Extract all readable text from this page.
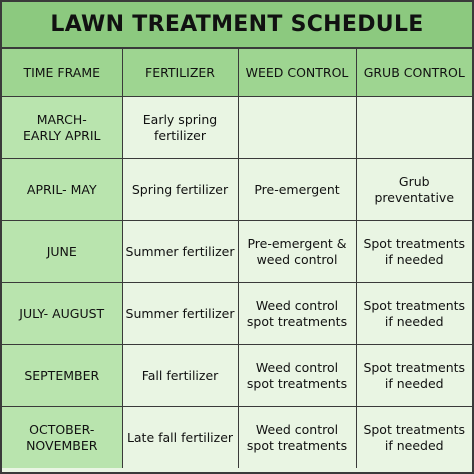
LAWN TREATMENT SCHEDULE
TIME FRAME	FERTILIZER	WEED CONTROL	GRUB CONTROL

MARCH-
EARLY APRIL	Early spring
fertilizer		

APRIL- MAY	Spring fertilizer	Pre-emergent	Grub preventative

JUNE	Summer fertilizer	Pre-emergent &
weed control	Spot treatments
if needed

JULY- AUGUST	Summer fertilizer	Weed control
spot treatments	Spot treatments
if needed

SEPTEMBER	Fall fertilizer	Weed control
spot treatments	Spot treatments
if needed

OCTOBER-
NOVEMBER	Late fall fertilizer	Weed control
spot treatments	Spot treatments
if needed
